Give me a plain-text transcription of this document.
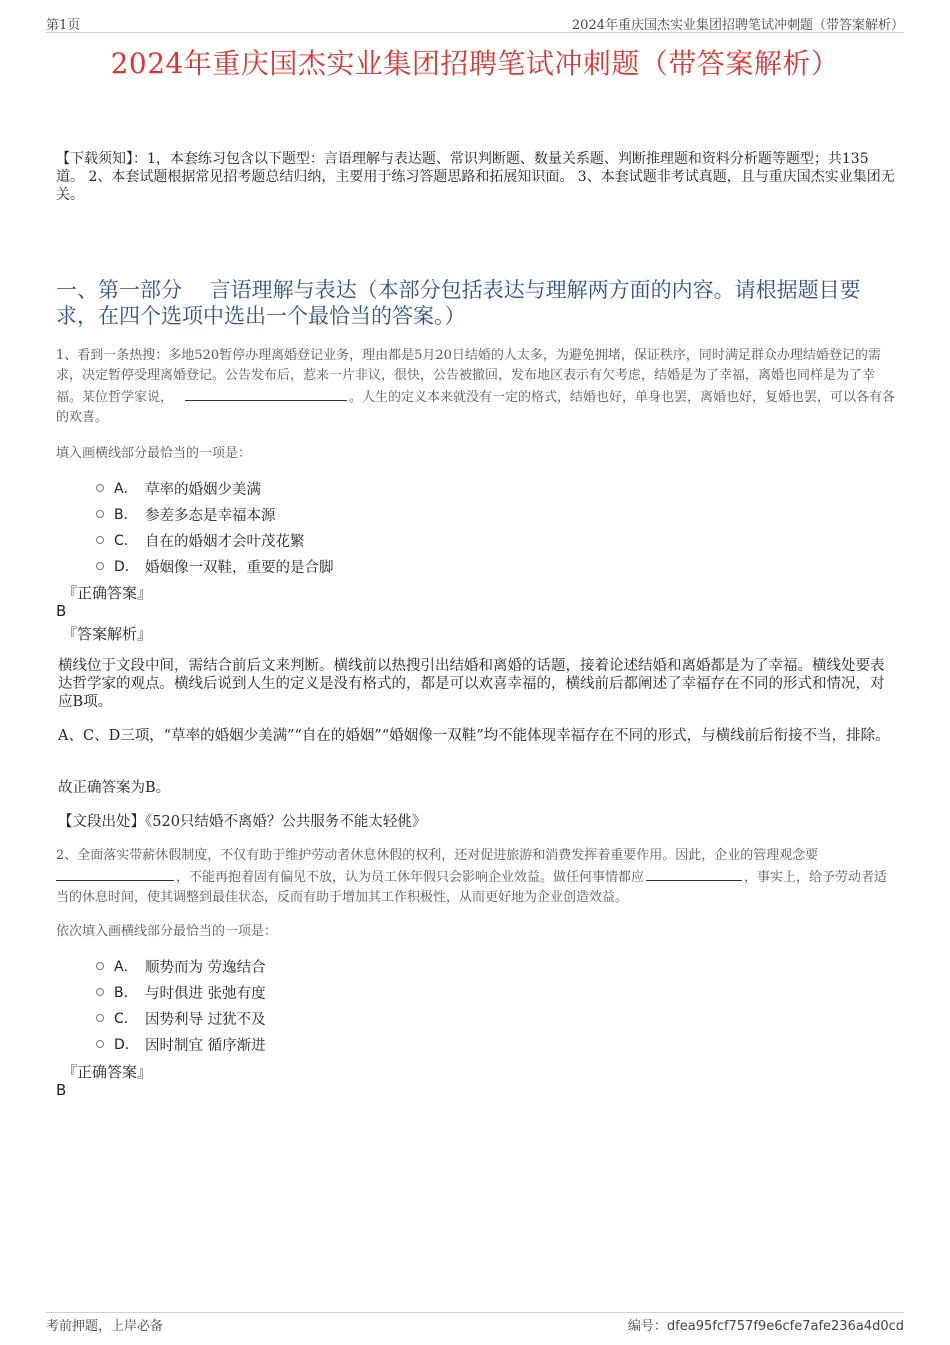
第1页	2024年重庆国杰实业集团招聘笔试冲刺题（带答案解析）
2024年重庆国杰实业集团招聘笔试冲刺题（带答案解析）
【下载须知】：1，本套练习包含以下题型：言语理解与表达题、常识判断题、数量关系题、判断推理题和资料分析题等题型；共135道。 2、本套试题根据常见招考题总结归纳，主要用于练习答题思路和拓展知识面。 3、本套试题非考试真题，且与重庆国杰实业集团无关。
一、第一部分　 言语理解与表达（本部分包括表达与理解两方面的内容。请根据题目要求，在四个选项中选出一个最恰当的答案。）
1、看到一条热搜：多地520暂停办理离婚登记业务，理由都是5月20日结婚的人太多，为避免拥堵，保证秩序，同时满足群众办理结婚登记的需求，决定暂停受理离婚登记。公告发布后，惹来一片非议，很快，公告被撤回，发布地区表示有欠考虑，结婚是为了幸福，离婚也同样是为了幸福。某位哲学家说，	。人生的定义本来就没有一定的格式，结婚也好，单身也罢，离婚也好，复婚也罢，可以各有各的欢喜。
填入画横线部分最恰当的一项是：
A． 草率的婚姻少美满
B． 参差多态是幸福本源
C． 自在的婚姻才会叶茂花繁
D． 婚姻像一双鞋，重要的是合脚
『正确答案』
B
『答案解析』
横线位于文段中间，需结合前后文来判断。横线前以热搜引出结婚和离婚的话题，接着论述结婚和离婚都是为了幸福。横线处要表达哲学家的观点。横线后说到人生的定义是没有格式的，都是可以欢喜幸福的，横线前后都阐述了幸福存在不同的形式和情况，对应B项。
A、C、D三项，“草率的婚姻少美满”“自在的婚姻”“婚姻像一双鞋”均不能体现幸福存在不同的形式，与横线前后衔接不当，排除。
故正确答案为B。
【文段出处】《520只结婚不离婚？公共服务不能太轻佻》
2、全面落实带薪休假制度，不仅有助于维护劳动者休息休假的权利，还对促进旅游和消费发挥着重要作用。因此，企业的管理观念要
，不能再抱着固有偏见不放，认为员工休年假只会影响企业效益。做任何事情都应	，事实上，给予劳动者适当的休息时间，使其调整到最佳状态，反而有助于增加其工作积极性，从而更好地为企业创造效益。
依次填入画横线部分最恰当的一项是：
A． 顺势而为 劳逸结合
B． 与时俱进 张弛有度
C． 因势利导 过犹不及
D． 因时制宜 循序渐进
『正确答案』
B
考前押题，上岸必备	编号：dfea95fcf757f9e6cfe7afe236a4d0cd
